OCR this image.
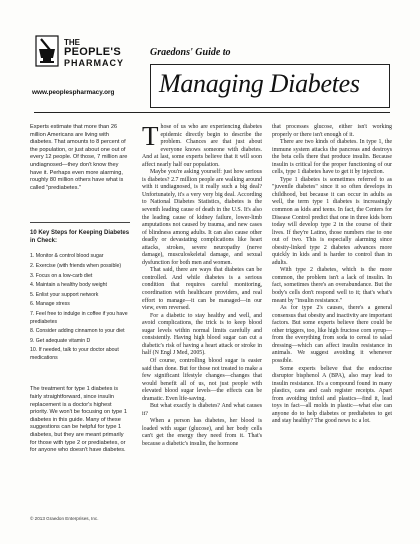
THE
PEOPLE'S
PHARMACY
www.peoplespharmacy.org
Graedons' Guide to
Managing Diabetes

Experts estimate that more than 26 million Americans are living with diabetes. That amounts to 8 percent of the population, or just about one out of every 12 people. Of those, 7 million are undiagnosed—they don't know they have it. Perhaps even more alarming, roughly 80 million others have what is called "prediabetes."

10 Key Steps for Keeping Diabetes in Check:
1. Monitor & control blood sugar
2. Exercise (with friends when possible)
3. Focus on a low-carb diet
4. Maintain a healthy body weight
5. Enlist your support network
6. Manage stress
7. Feel free to indulge in coffee if you have prediabetes
8. Consider adding cinnamon to your diet
9. Get adequate vitamin D
10. If needed, talk to your doctor about medications

The treatment for type 1 diabetes is fairly straightforward, since insulin replacement is a doctor's highest priority. We won't be focusing on type 1 diabetes in this guide. Many of these suggestions can be helpful for type 1 diabetes, but they are meant primarily for those with type 2 or prediabetes, or for anyone who doesn't have diabetes.

© 2013 Graedon Enterprises, Inc.

Those of us who are experiencing diabetes epidemic directly begin to describe the problem. Chances are that just about everyone knows someone with diabetes. And at last, some experts believe that it will soon affect nearly half our population.

Maybe you're asking yourself: just how serious is diabetes? 2.7 million people are walking around with it undiagnosed, is it really such a big deal? Unfortunately, it's a very very big deal. According to National Diabetes Statistics, diabetes is the seventh leading cause of death in the U.S. It's also the leading cause of kidney failure, lower-limb amputations not caused by trauma, and new cases of blindness among adults. It can also cause other deadly or devastating complications like heart attacks, strokes, severe neuropathy (nerve damage), musculoskeletal damage, and sexual dysfunction for both men and women.

That said, there are ways that diabetes can be controlled. And while diabetes is a serious condition that requires careful monitoring, coordination with healthcare providers, and real effort to manage—it can be managed—in our view, even reversed.

For a diabetic to stay healthy and well, and avoid complications, the trick is to keep blood sugar levels within normal limits carefully and consistently. Having high blood sugar can cut a diabetic's risk of having a heart attack or stroke in half (N Engl J Med, 2005).

Of course, controlling blood sugar is easier said than done. But for those not treated to make a few significant lifestyle changes—changes that would benefit all of us, not just people with elevated blood sugar levels—the effects can be dramatic. Even life-saving.

But what exactly is diabetes? And what causes it?

When a person has diabetes, her blood is loaded with sugar (glucose), and her body cells can't get the energy they need from it. That's because a diabetic's insulin, the hormone

that processes glucose, either isn't working properly or there isn't enough of it.

There are two kinds of diabetes. In type 1, the immune system attacks the pancreas and destroys the beta cells there that produce insulin. Because insulin is critical for the proper functioning of our cells, type 1 diabetes have to get it by injection.

Type 1 diabetes is sometimes referred to as "juvenile diabetes" since it so often develops in childhood, but because it can occur in adults as well, the term type 1 diabetes is increasingly common as kids and teens. In fact, the Centers for Disease Control predict that one in three kids born today will develop type 2 in the course of their lives. If they're Latino, those numbers rise to one out of two. This is especially alarming since obesity-linked type 2 diabetes advances more quickly in kids and is harder to control than in adults.

With type 2 diabetes, which is the more common, the problem isn't a lack of insulin. In fact, sometimes there's an overabundance. But the body's cells don't respond well to it; that's what's meant by "insulin resistance."

As for type 2's causes, there's a general consensus that obesity and inactivity are important factors. But some experts believe there could be other triggers, too, like high fructose corn syrup—from the everything from soda to cereal to salad dressing—which can affect insulin resistance in animals. We suggest avoiding it whenever possible.

Some experts believe that the endocrine disruptor bisphenol A (BPA), also may lead to insulin resistance. It's a compound found in many plastics, cans and cash register receipts. Apart from avoiding tinfoil and plastics—find it, lead toys in fact—all molds in plastic—what else can anyone do to help diabetes or prediabetes to get and stay healthy? The good news is: a lot.
